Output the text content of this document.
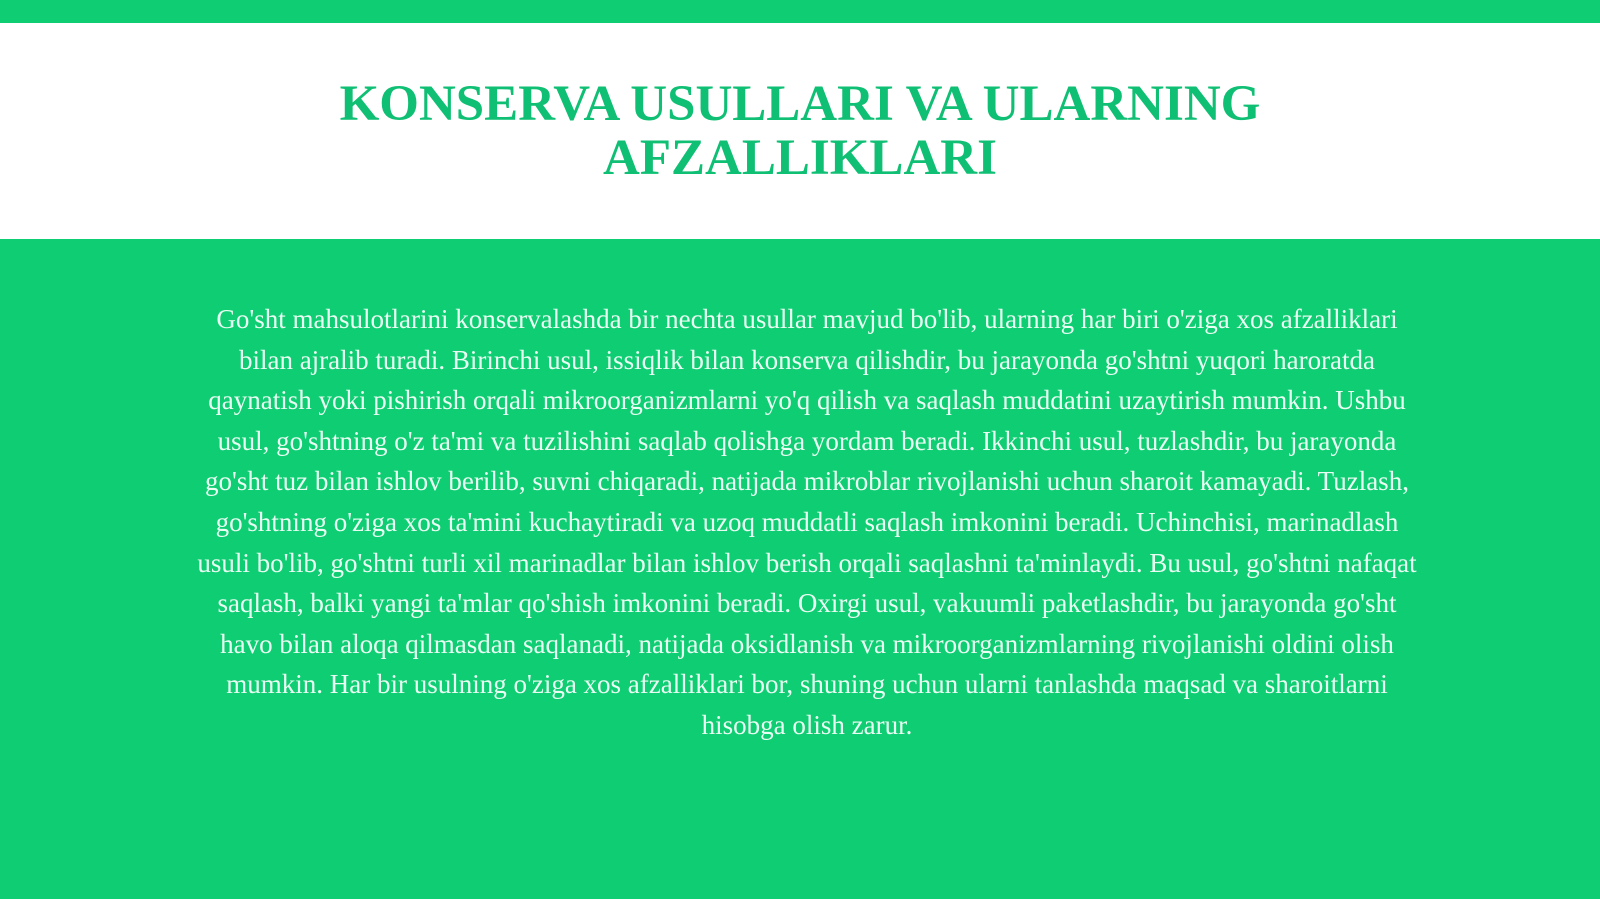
KONSERVA USULLARI VA ULARNING AFZALLIKLARI

Go'sht mahsulotlarini konservalashda bir nechta usullar mavjud bo'lib, ularning har biri o'ziga xos afzalliklari bilan ajralib turadi. Birinchi usul, issiqlik bilan konserva qilishdir, bu jarayonda go'shtni yuqori haroratda qaynatish yoki pishirish orqali mikroorganizmlarni yo'q qilish va saqlash muddatini uzaytirish mumkin. Ushbu usul, go'shtning o'z ta'mi va tuzilishini saqlab qolishga yordam beradi. Ikkinchi usul, tuzlashdir, bu jarayonda go'sht tuz bilan ishlov berilib, suvni chiqaradi, natijada mikroblar rivojlanishi uchun sharoit kamayadi. Tuzlash, go'shtning o'ziga xos ta'mini kuchaytiradi va uzoq muddatli saqlash imkonini beradi. Uchinchisi, marinadlash usuli bo'lib, go'shtni turli xil marinadlar bilan ishlov berish orqali saqlashni ta'minlaydi. Bu usul, go'shtni nafaqat saqlash, balki yangi ta'mlar qo'shish imkonini beradi. Oxirgi usul, vakuumli paketlashdir, bu jarayonda go'sht havo bilan aloqa qilmasdan saqlanadi, natijada oksidlanish va mikroorganizmlarning rivojlanishi oldini olish mumkin. Har bir usulning o'ziga xos afzalliklari bor, shuning uchun ularni tanlashda maqsad va sharoitlarni hisobga olish zarur.
